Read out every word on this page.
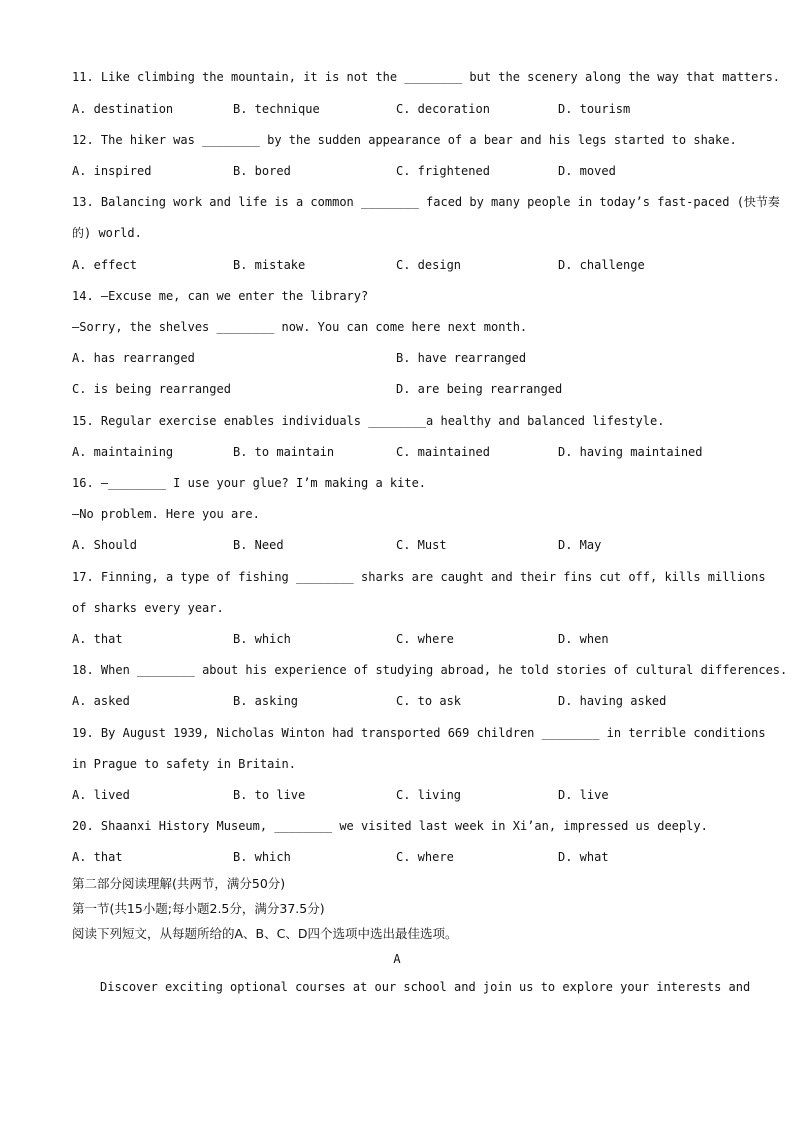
11. Like climbing the mountain, it is not the ________ but the scenery along the way that matters.
A. destination	B. technique	C. decoration	D. tourism
12. The hiker was ________ by the sudden appearance of a bear and his legs started to shake.
A. inspired	B. bored	C. frightened	D. moved
13. Balancing work and life is a common ________ faced by many people in today’s fast-paced (快节奏
的) world.
A. effect	B. mistake	C. design	D. challenge
14. —Excuse me, can we enter the library?
—Sorry, the shelves ________ now. You can come here next month.
A. has rearranged	B. have rearranged
C. is being rearranged	D. are being rearranged
15. Regular exercise enables individuals ________a healthy and balanced lifestyle.
A. maintaining	B. to maintain	C. maintained	D. having maintained
16. —________ I use your glue? I’m making a kite.
—No problem. Here you are.
A. Should	B. Need	C. Must	D. May
17. Finning, a type of fishing ________ sharks are caught and their fins cut off, kills millions
of sharks every year.
A. that	B. which	C. where	D. when
18. When ________ about his experience of studying abroad, he told stories of cultural differences.
A. asked	B. asking	C. to ask	D. having asked
19. By August 1939, Nicholas Winton had transported 669 children ________ in terrible conditions
in Prague to safety in Britain.
A. lived	B. to live	C. living	D. live
20. Shaanxi History Museum, ________ we visited last week in Xi’an, impressed us deeply.
A. that	B. which	C. where	D. what
第二部分阅读理解(共两节，满分50分)
第一节(共15小题;每小题2.5分，满分37.5分)
阅读下列短文，从每题所给的A、B、C、D四个选项中选出最佳选项。
A
Discover exciting optional courses at our school and join us to explore your interests and
